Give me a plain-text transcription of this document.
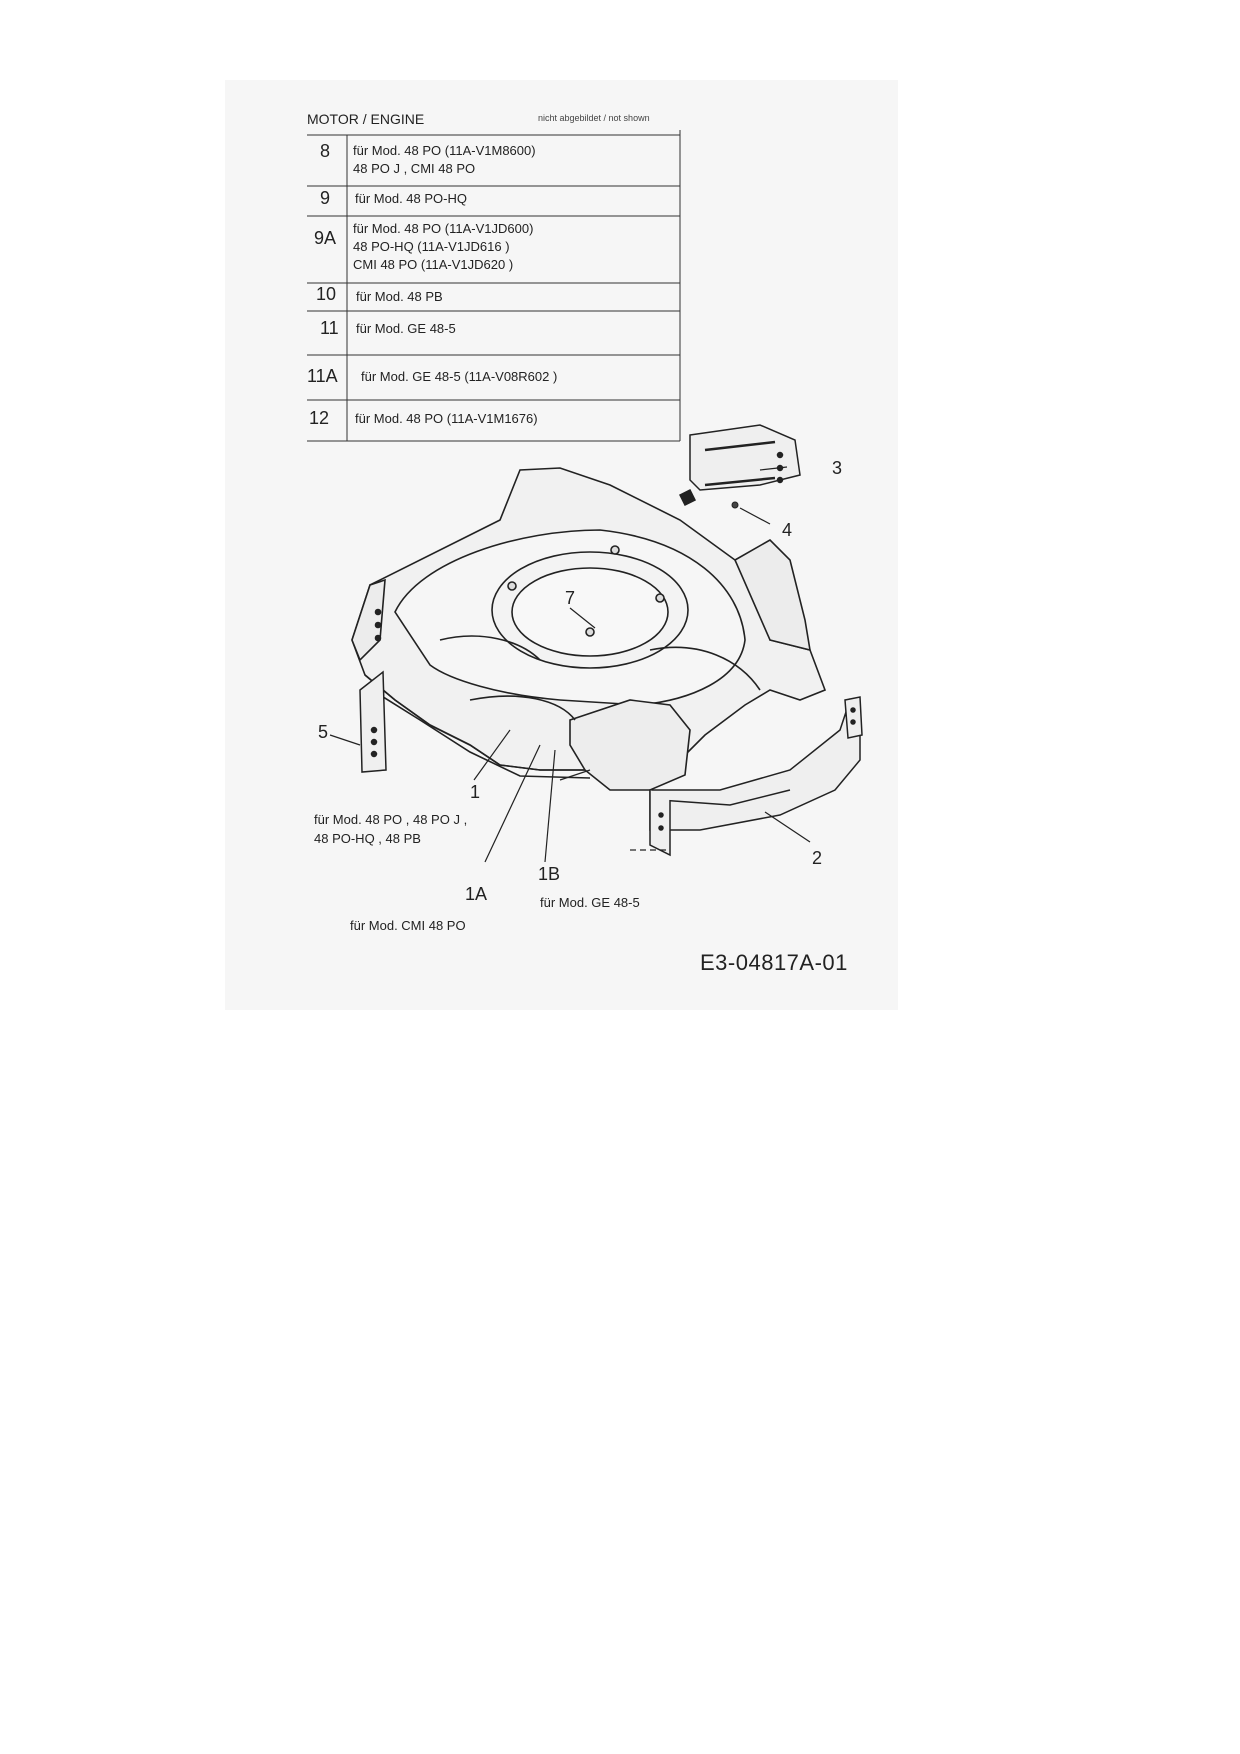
MOTOR / ENGINE	nicht abgebildet / not shown
8 für Mod. 48 PO (11A-V1M8600)
48 PO J , CMI 48 PO
9 für Mod. 48 PO-HQ
9A für Mod. 48 PO (11A-V1JD600)
48 PO-HQ (11A-V1JD616 )
CMI 48 PO (11A-V1JD620 )
10 für Mod. 48 PB
11 für Mod. GE 48-5
11A für Mod. GE 48-5 (11A-V08R602 )
12 für Mod. 48 PO (11A-V1M1676)
7
3
4
5
1
2
1B
1A
für Mod. 48 PO , 48 PO J ,
48 PO-HQ , 48 PB
für Mod. GE 48-5
für Mod. CMI 48 PO
E3-04817A-01
